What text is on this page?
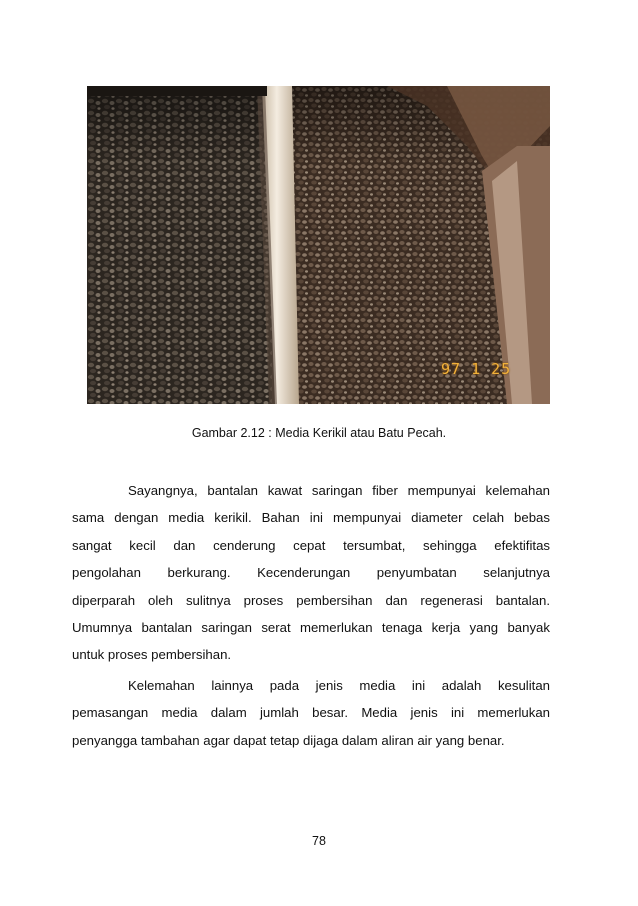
97 1 25
Gambar 2.12 : Media Kerikil atau Batu Pecah.
Sayangnya, bantalan kawat saringan fiber mempunyai kelemahan
sama dengan media kerikil. Bahan ini mempunyai diameter celah bebas
sangat kecil dan cenderung cepat tersumbat, sehingga efektifitas
pengolahan berkurang. Kecenderungan penyumbatan selanjutnya
diperparah oleh sulitnya proses pembersihan dan regenerasi bantalan.
Umumnya bantalan saringan serat memerlukan tenaga kerja yang banyak
untuk proses pembersihan.
Kelemahan lainnya pada jenis media ini adalah kesulitan
pemasangan media dalam jumlah besar. Media jenis ini memerlukan
penyangga tambahan agar dapat tetap dijaga dalam aliran air yang benar.
78
